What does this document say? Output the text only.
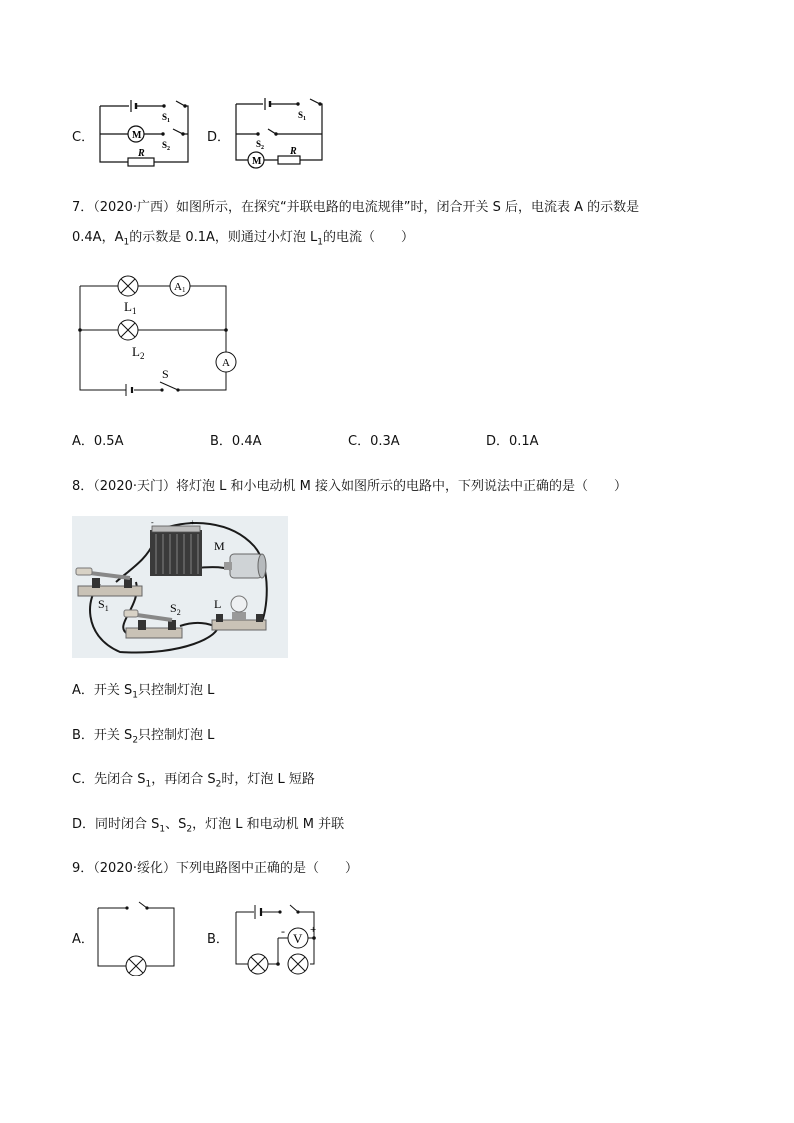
C．	M
$S_1$
$S_2$
R
D．
M
$S_1$
$S_2$	R
7．（2020·广西）如图所示，在探究“并联电路的电流规律”时，闭合开关 S 后，电流表 A 的示数是
0.4A，$A_1$的示数是 0.1A，则通过小灯泡 $L_1$的电流（　　）
$L_1$
$L_2$
A1
A
S
A．0.5A	B．0.4A	C．0.3A	D．0.1A
8．（2020·天门）将灯泡 L 和小电动机 M 接入如图所示的电路中，下列说法中正确的是（　　）
-	+
M
$S_1$	$S_2$
L
A．开关 $S_1$只控制灯泡 L
B．开关 $S_2$只控制灯泡 L
C．先闭合 $S_1$，再闭合 $S_2$时，灯泡 L 短路
D．同时闭合 $S_1$、$S_2$，灯泡 L 和电动机 M 并联
9．（2020·绥化）下列电路图中正确的是（　　）
A．	B．	V
- +
